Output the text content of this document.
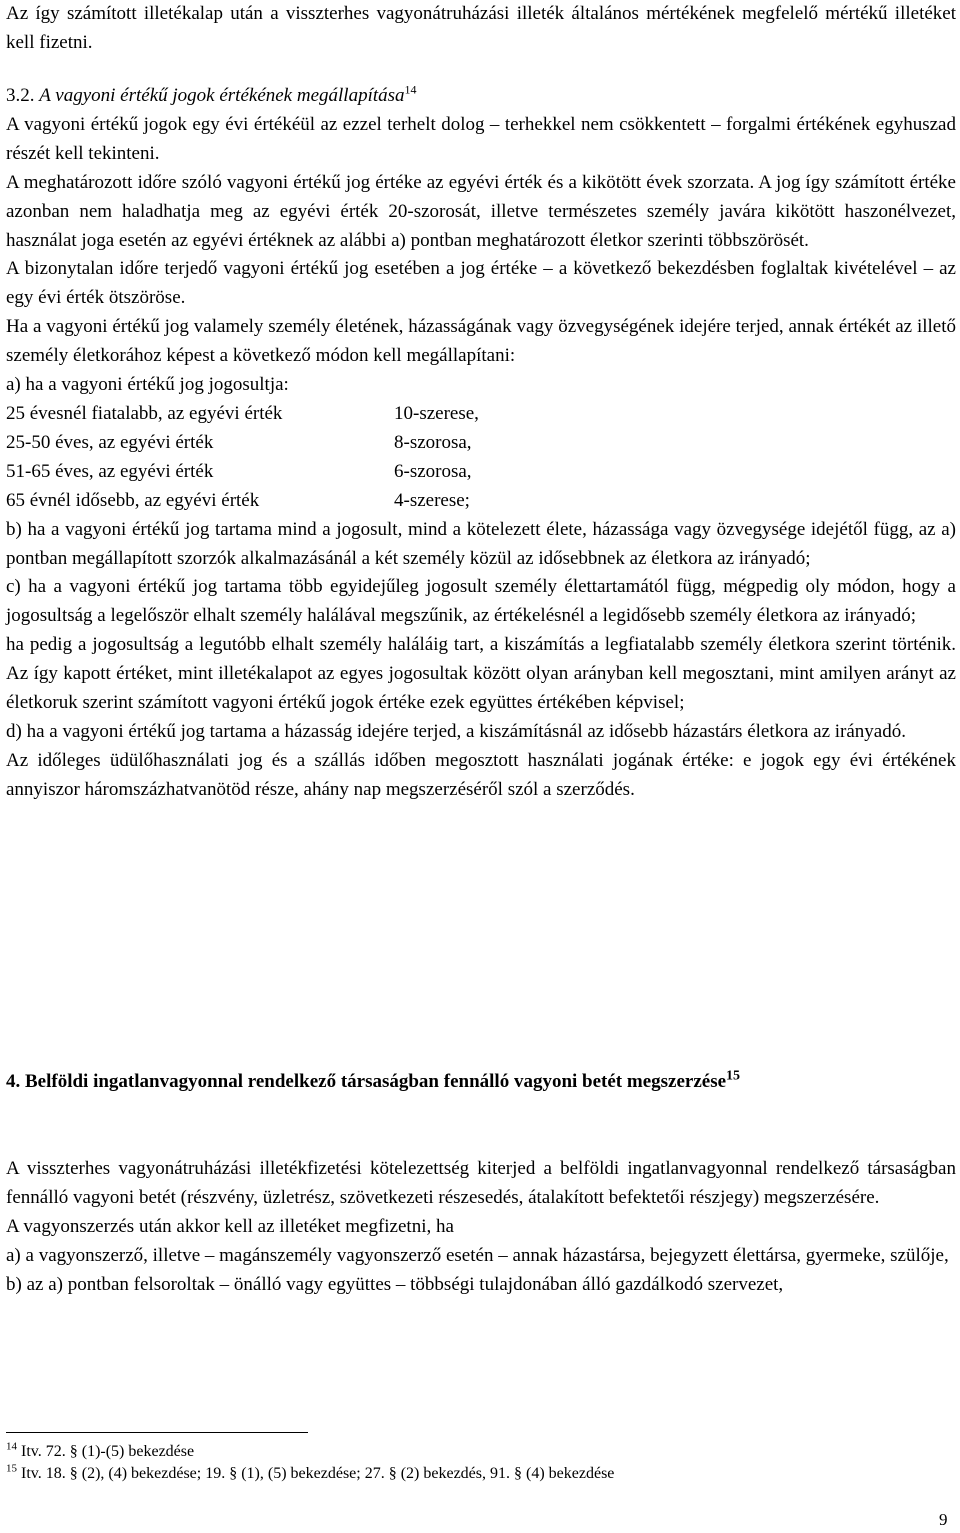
Az így számított illetékalap után a visszterhes vagyonátruházási illeték általános mértékének megfelelő mértékű illetéket kell fizetni.

3.2. A vagyoni értékű jogok értékének megállapítása$^{14}$

A vagyoni értékű jogok egy évi értékéül az ezzel terhelt dolog – terhekkel nem csökkentett – forgalmi értékének egyhuszad részét kell tekinteni.

A meghatározott időre szóló vagyoni értékű jog értéke az egyévi érték és a kikötött évek szorzata. A jog így számított értéke azonban nem haladhatja meg az egyévi érték 20-szorosát, illetve természetes személy javára kikötött haszonélvezet, használat joga esetén az egyévi értéknek az alábbi a) pontban meghatározott életkor szerinti többszörösét.

A bizonytalan időre terjedő vagyoni értékű jog esetében a jog értéke – a következő bekezdésben foglaltak kivételével – az egy évi érték ötszöröse.

Ha a vagyoni értékű jog valamely személy életének, házasságának vagy özvegységének idejére terjed, annak értékét az illető személy életkorához képest a következő módon kell megállapítani:

a) ha a vagyoni értékű jog jogosultja:

25 évesnél fiatalabb, az egyévi érték	10-szerese,
25-50 éves, az egyévi érték	8-szorosa,
51-65 éves, az egyévi érték	6-szorosa,
65 évnél idősebb, az egyévi érték	4-szerese;

b) ha a vagyoni értékű jog tartama mind a jogosult, mind a kötelezett élete, házassága vagy özvegysége idejétől függ, az a) pontban megállapított szorzók alkalmazásánál a két személy közül az idősebbnek az életkora az irányadó;

c) ha a vagyoni értékű jog tartama több egyidejűleg jogosult személy élettartamától függ, mégpedig oly módon, hogy a jogosultság a legelőször elhalt személy halálával megszűnik, az értékelésnél a legidősebb személy életkora az irányadó;

ha pedig a jogosultság a legutóbb elhalt személy haláláig tart, a kiszámítás a legfiatalabb személy életkora szerint történik. Az így kapott értéket, mint illetékalapot az egyes jogosultak között olyan arányban kell megosztani, mint amilyen arányt az életkoruk szerint számított vagyoni értékű jogok értéke ezek együttes értékében képvisel;

d) ha a vagyoni értékű jog tartama a házasság idejére terjed, a kiszámításnál az idősebb házastárs életkora az irányadó.

Az időleges üdülőhasználati jog és a szállás időben megosztott használati jogának értéke: e jogok egy évi értékének annyiszor háromszázhatvanötöd része, ahány nap megszerzéséről szól a szerződés.

4. Belföldi ingatlanvagyonnal rendelkező társaságban fennálló vagyoni betét megszerzése$^{15}$

A visszterhes vagyonátruházási illetékfizetési kötelezettség kiterjed a belföldi ingatlanvagyonnal rendelkező társaságban fennálló vagyoni betét (részvény, üzletrész, szövetkezeti részesedés, átalakított befektetői részjegy) megszerzésére.

A vagyonszerzés után akkor kell az illetéket megfizetni, ha

a) a vagyonszerző, illetve – magánszemély vagyonszerző esetén – annak házastársa, bejegyzett élettársa, gyermeke, szülője,

b) az a) pontban felsoroltak – önálló vagy együttes – többségi tulajdonában álló gazdálkodó szervezet,

$^{14}$ Itv. 72. § (1)-(5) bekezdése
$^{15}$ Itv. 18. § (2), (4) bekezdése; 19. § (1), (5) bekezdése; 27. § (2) bekezdés, 91. § (4) bekezdése
9
